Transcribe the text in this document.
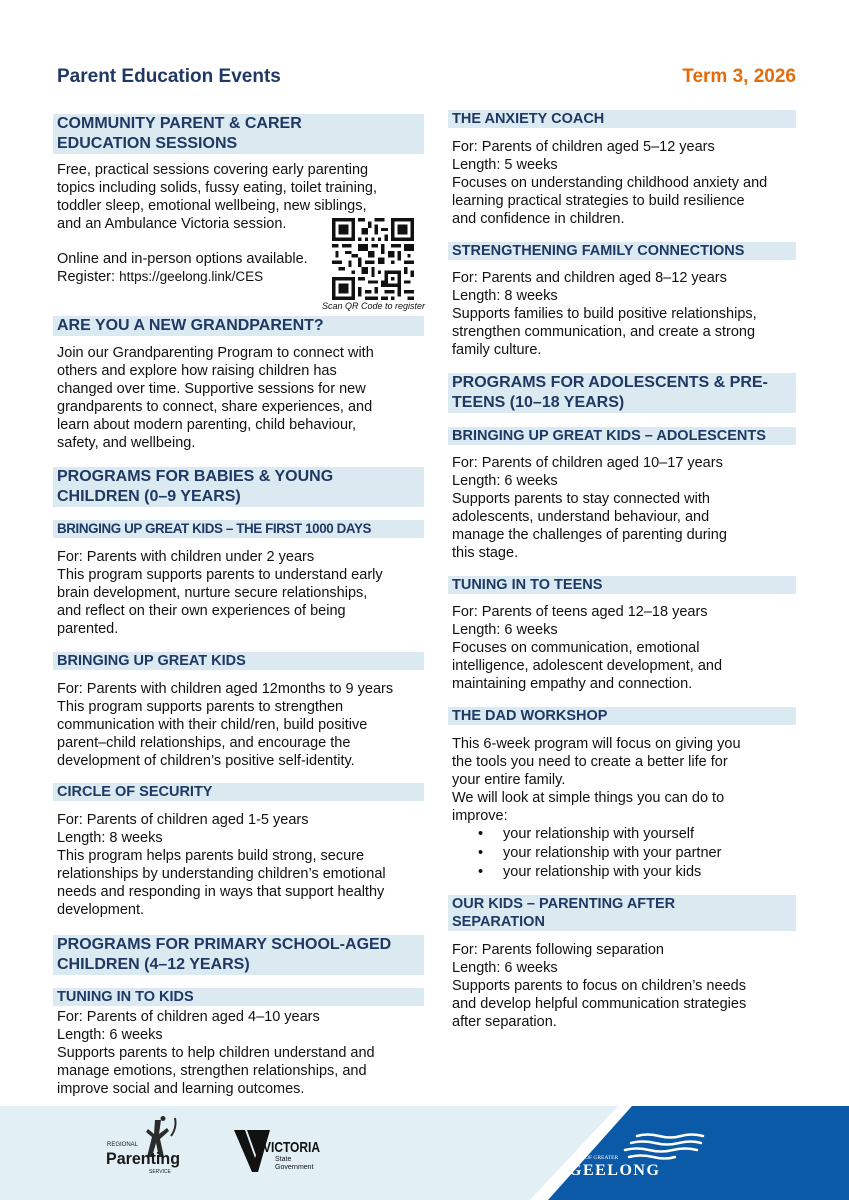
Parent Education Events	Term 3, 2026
COMMUNITY PARENT & CARER
EDUCATION SESSIONS
Free, practical sessions covering early parenting
topics including solids, fussy eating, toilet training,
toddler sleep, emotional wellbeing, new siblings,
and an Ambulance Victoria session.
Online and in-person options available.
Register: https://geelong.link/CES
ARE YOU A NEW GRANDPARENT?
Join our Grandparenting Program to connect with
others and explore how raising children has
changed over time. Supportive sessions for new
grandparents to connect, share experiences, and
learn about modern parenting, child behaviour,
safety, and wellbeing.
PROGRAMS FOR BABIES & YOUNG
CHILDREN (0–9 YEARS)
BRINGING UP GREAT KIDS – THE FIRST 1000 DAYS
For: Parents with children under 2 years
This program supports parents to understand early
brain development, nurture secure relationships,
and reflect on their own experiences of being
parented.
BRINGING UP GREAT KIDS
For: Parents with children aged 12months to 9 years
This program supports parents to strengthen
communication with their child/ren, build positive
parent–child relationships, and encourage the
development of children’s positive self-identity.
CIRCLE OF SECURITY
For: Parents of children aged 1-5 years
Length: 8 weeks
This program helps parents build strong, secure
relationships by understanding children’s emotional
needs and responding in ways that support healthy
development.
PROGRAMS FOR PRIMARY SCHOOL-AGED
CHILDREN (4–12 YEARS)
TUNING IN TO KIDS
For: Parents of children aged 4–10 years
Length: 6 weeks
Supports parents to help children understand and
manage emotions, strengthen relationships, and
improve social and learning outcomes.
Scan QR Code to register
THE ANXIETY COACH
For: Parents of children aged 5–12 years
Length: 5 weeks
Focuses on understanding childhood anxiety and
learning practical strategies to build resilience
and confidence in children.
STRENGTHENING FAMILY CONNECTIONS
For: Parents and children aged 8–12 years
Length: 8 weeks
Supports families to build positive relationships,
strengthen communication, and create a strong
family culture.
PROGRAMS FOR ADOLESCENTS & PRE-
TEENS (10–18 YEARS)
BRINGING UP GREAT KIDS – ADOLESCENTS
For: Parents of children aged 10–17 years
Length: 6 weeks
Supports parents to stay connected with
adolescents, understand behaviour, and
manage the challenges of parenting during
this stage.
TUNING IN TO TEENS
For: Parents of teens aged 12–18 years
Length: 6 weeks
Focuses on communication, emotional
intelligence, adolescent development, and
maintaining empathy and connection.
THE DAD WORKSHOP
This 6-week program will focus on giving you
the tools you need to create a better life for
your entire family.
We will look at simple things you can do to
improve:
• your relationship with yourself
• your relationship with your partner
• your relationship with your kids
OUR KIDS – PARENTING AFTER
SEPARATION
For: Parents following separation
Length: 6 weeks
Supports parents to focus on children’s needs
and develop helpful communication strategies
after separation.
REGIONAL
Parenting
SERVICE
VICTORIA
State
Government
CITY OF GREATER
GEELONG
